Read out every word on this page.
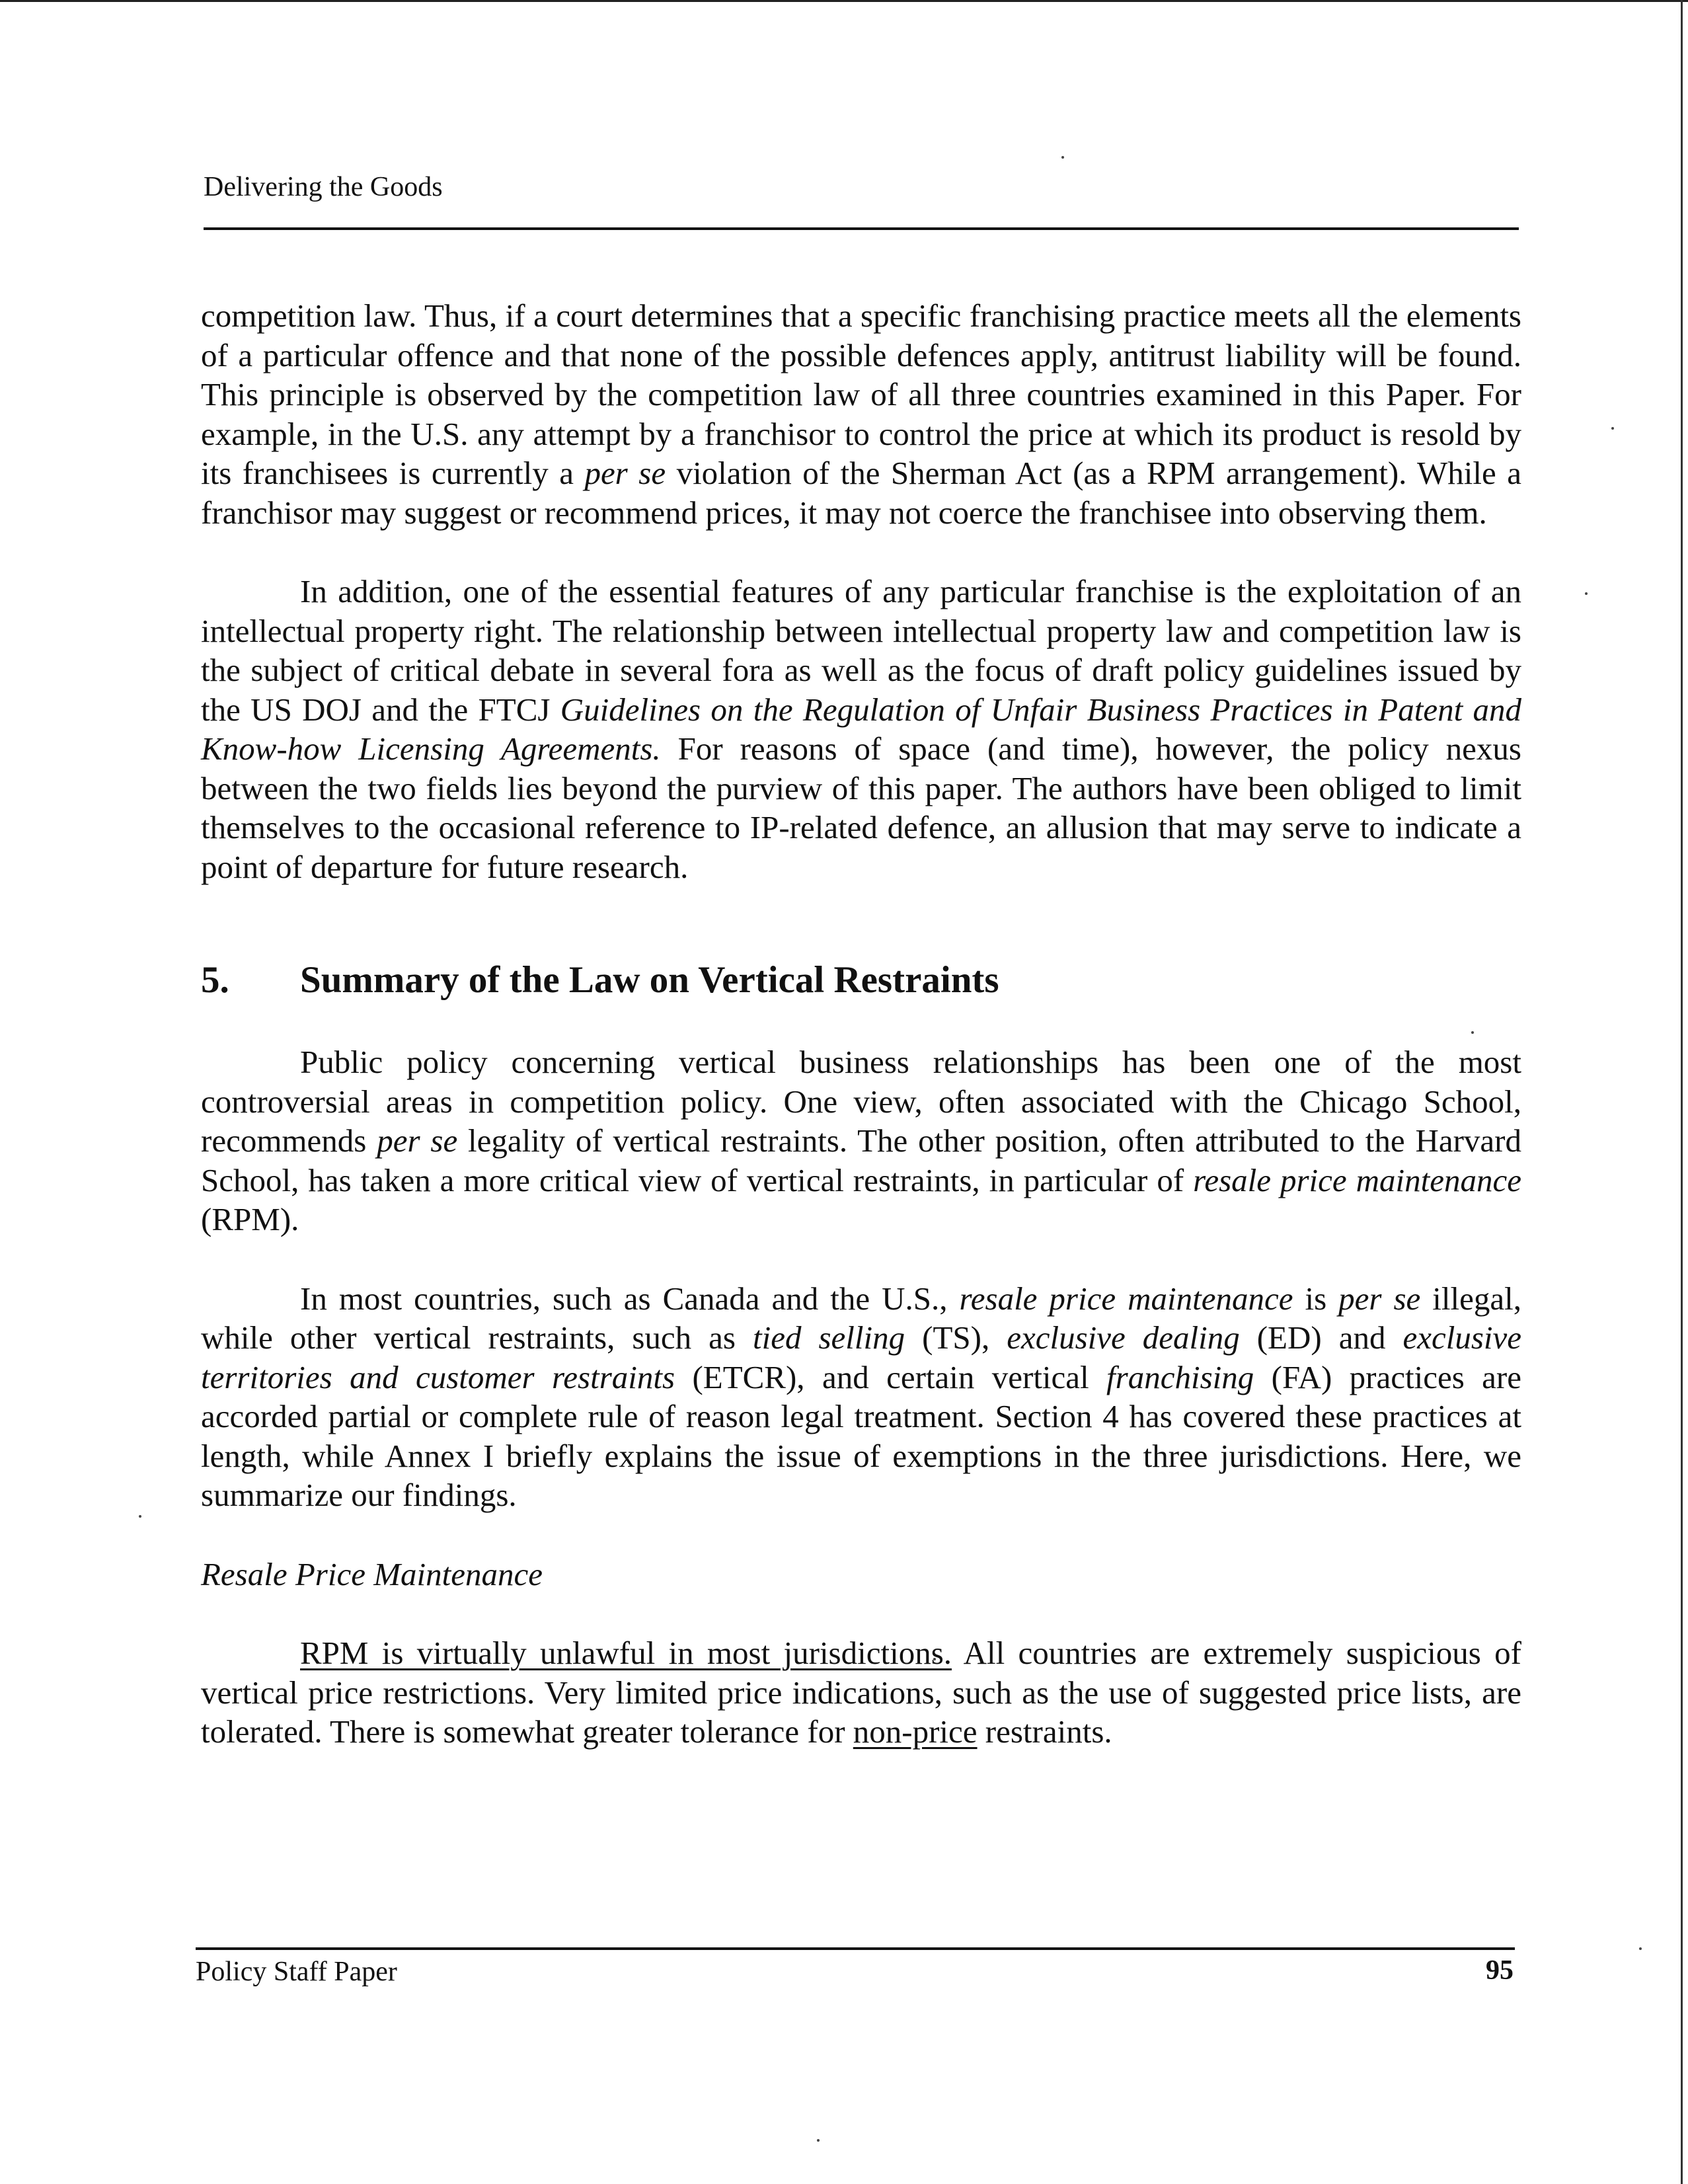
Delivering the Goods

competition law. Thus, if a court determines that a specific franchising practice meets all the elements of a particular offence and that none of the possible defences apply, antitrust liability will be found. This principle is observed by the competition law of all three countries examined in this Paper. For example, in the U.S. any attempt by a franchisor to control the price at which its product is resold by its franchisees is currently a per se violation of the Sherman Act (as a RPM arrangement). While a franchisor may suggest or recommend prices, it may not coerce the franchisee into observing them.

In addition, one of the essential features of any particular franchise is the exploitation of an intellectual property right. The relationship between intellectual property law and competition law is the subject of critical debate in several fora as well as the focus of draft policy guidelines issued by the US DOJ and the FTCJ Guidelines on the Regulation of Unfair Business Practices in Patent and Know-how Licensing Agreements. For reasons of space (and time), however, the policy nexus between the two fields lies beyond the purview of this paper. The authors have been obliged to limit themselves to the occasional reference to IP-related defence, an allusion that may serve to indicate a point of departure for future research.

5.	Summary of the Law on Vertical Restraints

Public policy concerning vertical business relationships has been one of the most controversial areas in competition policy. One view, often associated with the Chicago School, recommends per se legality of vertical restraints. The other position, often attributed to the Harvard School, has taken a more critical view of vertical restraints, in particular of resale price maintenance (RPM).

In most countries, such as Canada and the U.S., resale price maintenance is per se illegal, while other vertical restraints, such as tied selling (TS), exclusive dealing (ED) and exclusive territories and customer restraints (ETCR), and certain vertical franchising (FA) practices are accorded partial or complete rule of reason legal treatment. Section 4 has covered these practices at length, while Annex I briefly explains the issue of exemptions in the three jurisdictions. Here, we summarize our findings.

Resale Price Maintenance

RPM is virtually unlawful in most jurisdictions. All countries are extremely suspicious of vertical price restrictions. Very limited price indications, such as the use of suggested price lists, are tolerated. There is somewhat greater tolerance for non-price restraints.

Policy Staff Paper	95
